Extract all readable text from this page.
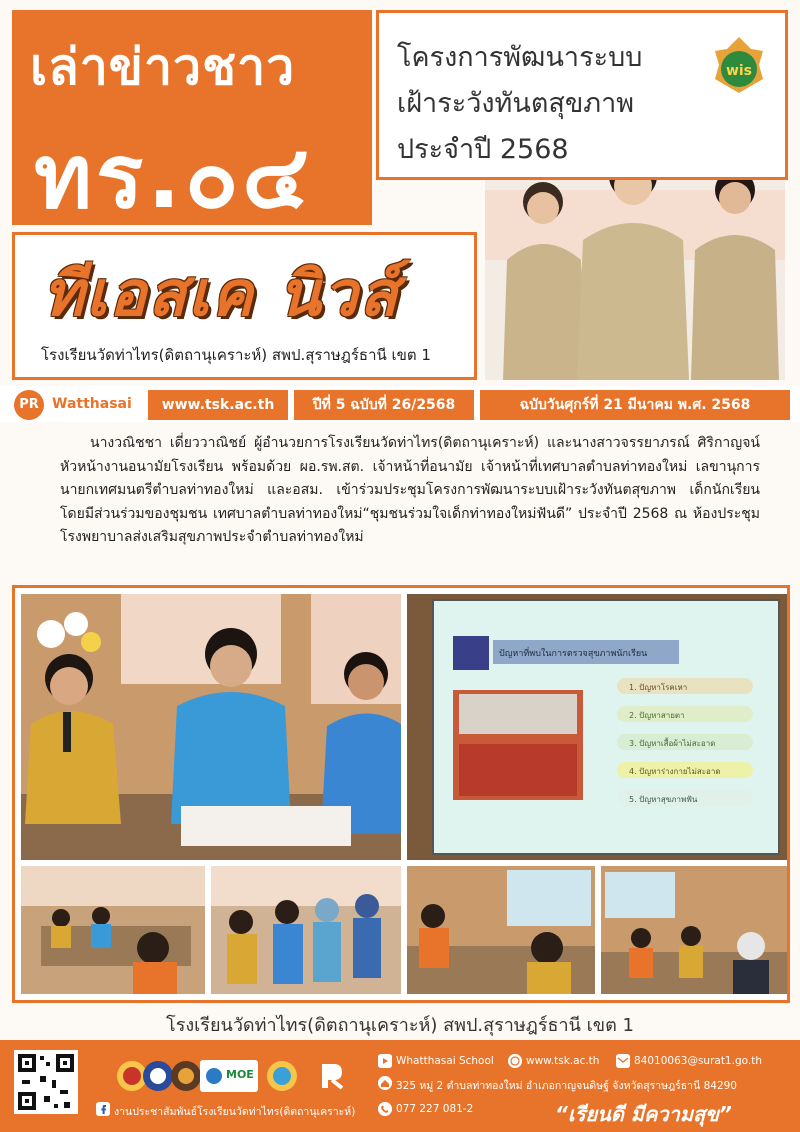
เล่าข่าวชาว
ทร.๐๔
โครงการพัฒนาระบบ
เฝ้าระวังทันตสุขภาพ
ประจำปี 2568
wis
ทีเอสเค นิวส์
โรงเรียนวัดท่าไทร(ดิตถานุเคราะห์) สพป.สุราษฎร์ธานี เขต 1
PR Watthasai	www.tsk.ac.th	ปีที่ 5 ฉบับที่ 26/2568	ฉบับวันศุกร์ที่ 21 มีนาคม พ.ศ. 2568
นางวณิชชา เดี่ยววาณิชย์ ผู้อำนวยการโรงเรียนวัดท่าไทร(ดิตถานุเคราะห์) และนางสาวจรรยาภรณ์ ศิริกาญจน์ หัวหน้างานอนามัยโรงเรียน พร้อมด้วย ผอ.รพ.สต. เจ้าหน้าที่อนามัย เจ้าหน้าที่เทศบาลตำบลท่าทองใหม่ เลขานุการนายกเทศมนตรีตำบลท่าทองใหม่ และอสม. เข้าร่วมประชุมโครงการพัฒนาระบบเฝ้าระวังทันตสุขภาพ เด็กนักเรียน โดยมีส่วนร่วมของชุมชน เทศบาลตำบลท่าทองใหม่“ชุมชนร่วมใจเด็กท่าทองใหม่ฟันดี” ประจำปี 2568 ณ ห้องประชุมโรงพยาบาลส่งเสริมสุขภาพประจำตำบลท่าทองใหม่
ปัญหาที่พบในการตรวจสุขภาพนักเรียน
1. ปัญหาโรคเหา
2. ปัญหาสายตา
3. ปัญหาเสื้อผ้าไม่สะอาด
4. ปัญหาร่างกายไม่สะอาด
5. ปัญหาสุขภาพฟัน
โรงเรียนวัดท่าไทร(ดิตถานุเคราะห์) สพป.สุราษฎร์ธานี เขต 1
MOE
Whatthasai School	www.tsk.ac.th	84010063@surat1.go.th
325 หมู่ 2 ตำบลท่าทองใหม่ อำเภอกาญจนดิษฐ์ จังหวัดสุราษฎร์ธานี 84290
งานประชาสัมพันธ์โรงเรียนวัดท่าไทร(ดิตถานุเคราะห์)	077 227 081-2	“เรียนดี มีความสุข”
